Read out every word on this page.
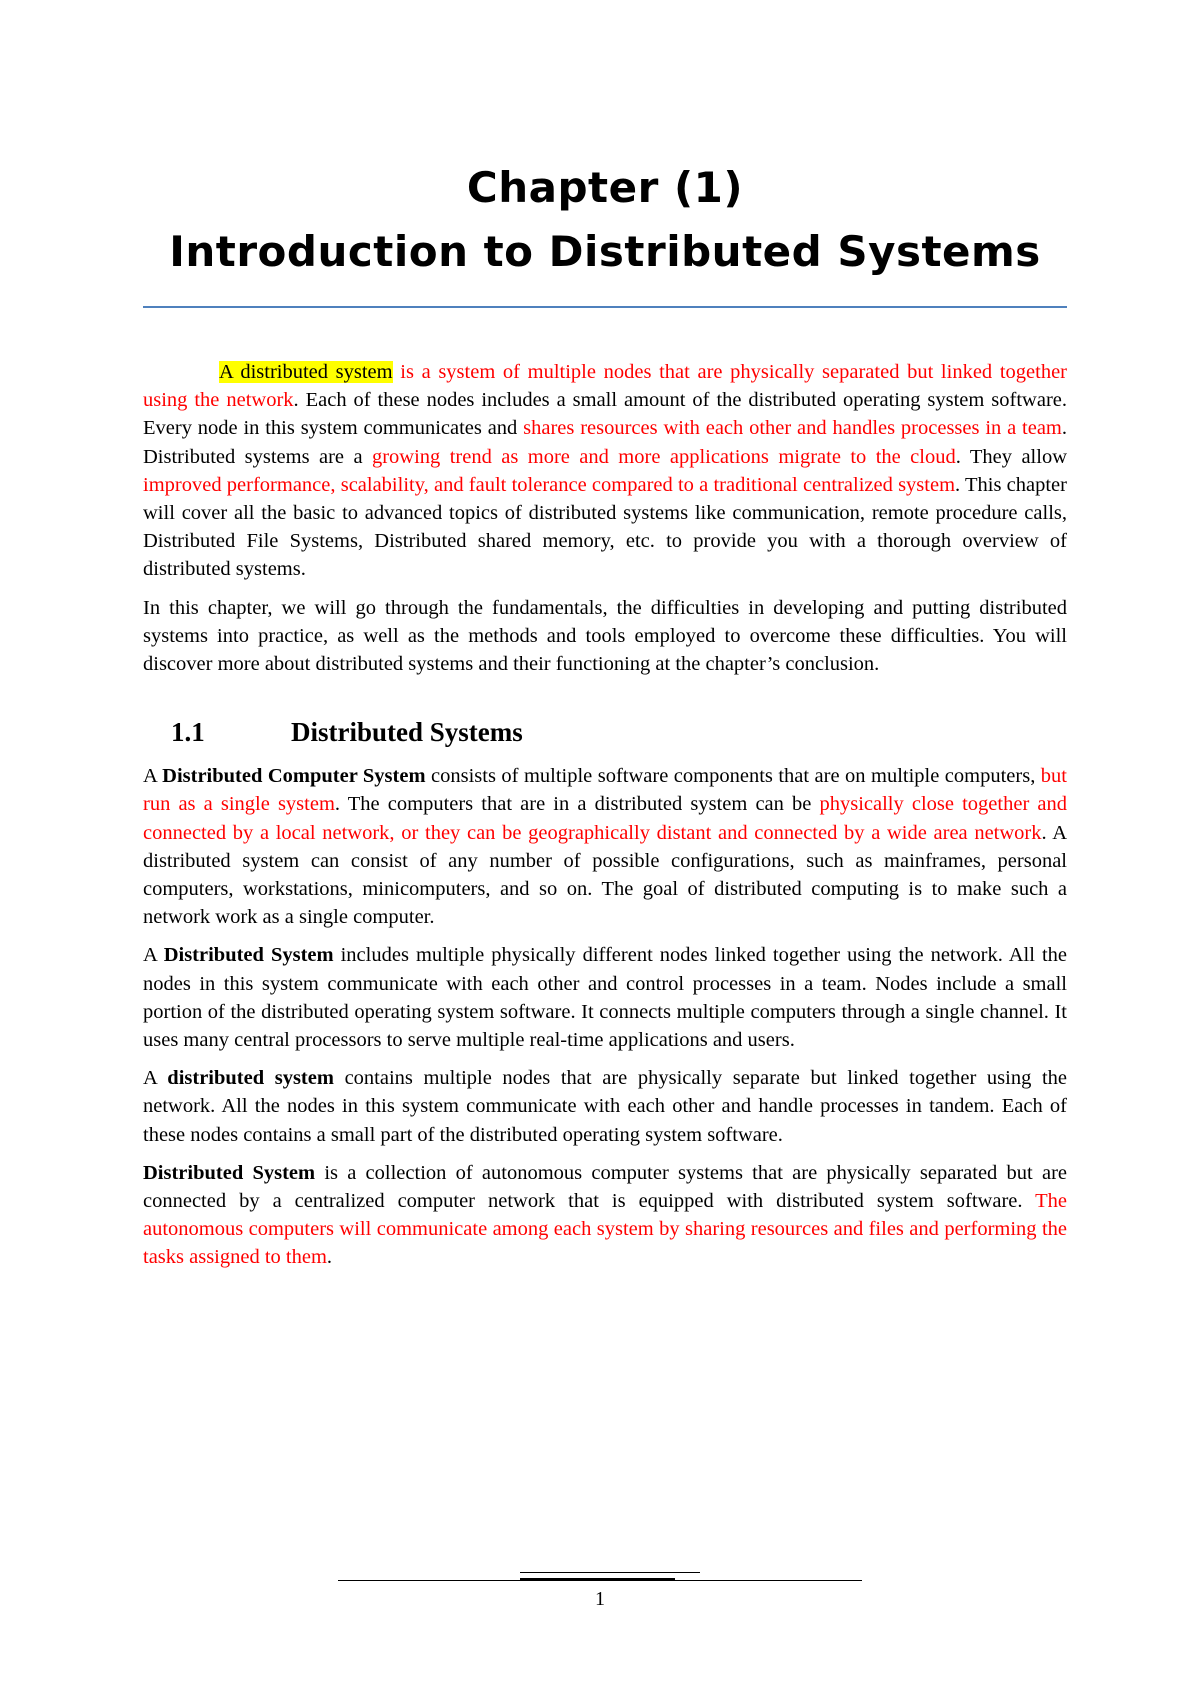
Chapter (1)
Introduction to Distributed Systems

A distributed system is a system of multiple nodes that are physically separated but linked together using the network. Each of these nodes includes a small amount of the distributed operating system software. Every node in this system communicates and shares resources with each other and handles processes in a team. Distributed systems are a growing trend as more and more applications migrate to the cloud. They allow improved performance, scalability, and fault tolerance compared to a traditional centralized system. This chapter will cover all the basic to advanced topics of distributed systems like communication, remote procedure calls, Distributed File Systems, Distributed shared memory, etc. to provide you with a thorough overview of distributed systems.

In this chapter, we will go through the fundamentals, the difficulties in developing and putting distributed systems into practice, as well as the methods and tools employed to overcome these difficulties. You will discover more about distributed systems and their functioning at the chapter’s conclusion.

1.1	Distributed Systems

A Distributed Computer System consists of multiple software components that are on multiple computers, but run as a single system. The computers that are in a distributed system can be physically close together and connected by a local network, or they can be geographically distant and connected by a wide area network. A distributed system can consist of any number of possible configurations, such as mainframes, personal computers, workstations, minicomputers, and so on. The goal of distributed computing is to make such a network work as a single computer.

A Distributed System includes multiple physically different nodes linked together using the network. All the nodes in this system communicate with each other and control processes in a team. Nodes include a small portion of the distributed operating system software. It connects multiple computers through a single channel. It uses many central processors to serve multiple real-time applications and users.

A distributed system contains multiple nodes that are physically separate but linked together using the network. All the nodes in this system communicate with each other and handle processes in tandem. Each of these nodes contains a small part of the distributed operating system software.

Distributed System is a collection of autonomous computer systems that are physically separated but are connected by a centralized computer network that is equipped with distributed system software. The autonomous computers will communicate among each system by sharing resources and files and performing the tasks assigned to them.

1
